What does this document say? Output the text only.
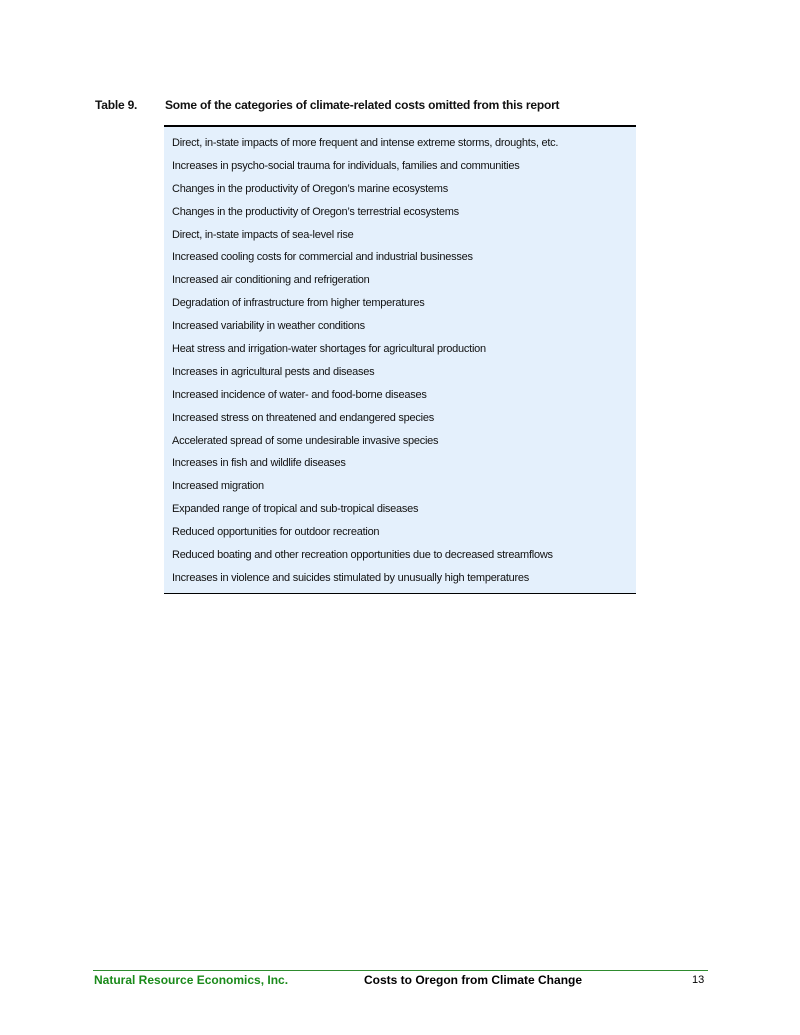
Table 9. Some of the categories of climate-related costs omitted from this report
Direct, in-state impacts of more frequent and intense extreme storms, droughts, etc.
Increases in psycho-social trauma for individuals, families and communities
Changes in the productivity of Oregon’s marine ecosystems
Changes in the productivity of Oregon’s terrestrial ecosystems
Direct, in-state impacts of sea-level rise
Increased cooling costs for commercial and industrial businesses
Increased air conditioning and refrigeration
Degradation of infrastructure from higher temperatures
Increased variability in weather conditions
Heat stress and irrigation-water shortages for agricultural production
Increases in agricultural pests and diseases
Increased incidence of water- and food-borne diseases
Increased stress on threatened and endangered species
Accelerated spread of some undesirable invasive species
Increases in fish and wildlife diseases
Increased migration
Expanded range of tropical and sub-tropical diseases
Reduced opportunities for outdoor recreation
Reduced boating and other recreation opportunities due to decreased streamflows
Increases in violence and suicides stimulated by unusually high temperatures
Natural Resource Economics, Inc.	Costs to Oregon from Climate Change	13
